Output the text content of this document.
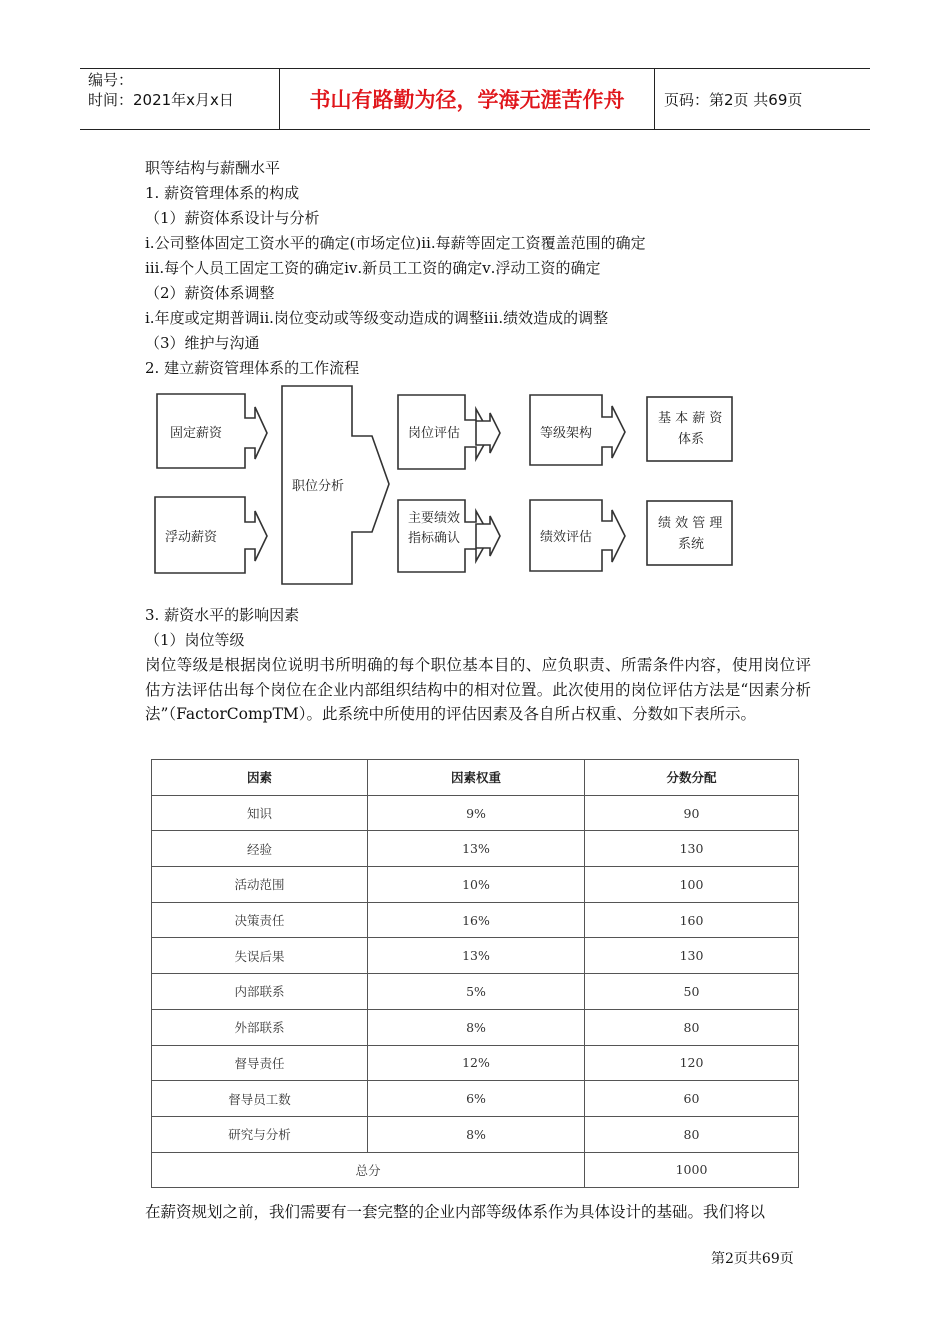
编号：
时间：2021年x月x日	书山有路勤为径，学海无涯苦作舟	页码：第2页 共69页
职等结构与薪酬水平
1. 薪资管理体系的构成
（1）薪资体系设计与分析
ⅰ.公司整体固定工资水平的确定(市场定位)ⅱ.每薪等固定工资覆盖范围的确定
ⅲ.每个人员工固定工资的确定ⅳ.新员工工资的确定ⅴ.浮动工资的确定
（2）薪资体系调整
ⅰ.年度或定期普调ⅱ.岗位变动或等级变动造成的调整ⅲ.绩效造成的调整
（3）维护与沟通
2. 建立薪资管理体系的工作流程
固定薪资
浮动薪资
职位分析
岗位评估
主要绩效
指标确认
等级架构
绩效评估
基 本 薪 资
体系
绩 效 管 理
系统
3. 薪资水平的影响因素
（1）岗位等级
岗位等级是根据岗位说明书所明确的每个职位基本目的、应负职责、所需条件内容，使用岗位评估方法评估出每个岗位在企业内部组织结构中的相对位置。此次使用的岗位评估方法是“因素分析法”（FactorCompTM）。此系统中所使用的评估因素及各自所占权重、分数如下表所示。
因素	因素权重	分数分配
知识	9%	90
经验	13%	130
活动范围	10%	100
决策责任	16%	160
失误后果	13%	130
内部联系	5%	50
外部联系	8%	80
督导责任	12%	120
督导员工数	6%	60
研究与分析	8%	80
总分		1000
在薪资规划之前，我们需要有一套完整的企业内部等级体系作为具体设计的基础。我们将以
第2页共69页
